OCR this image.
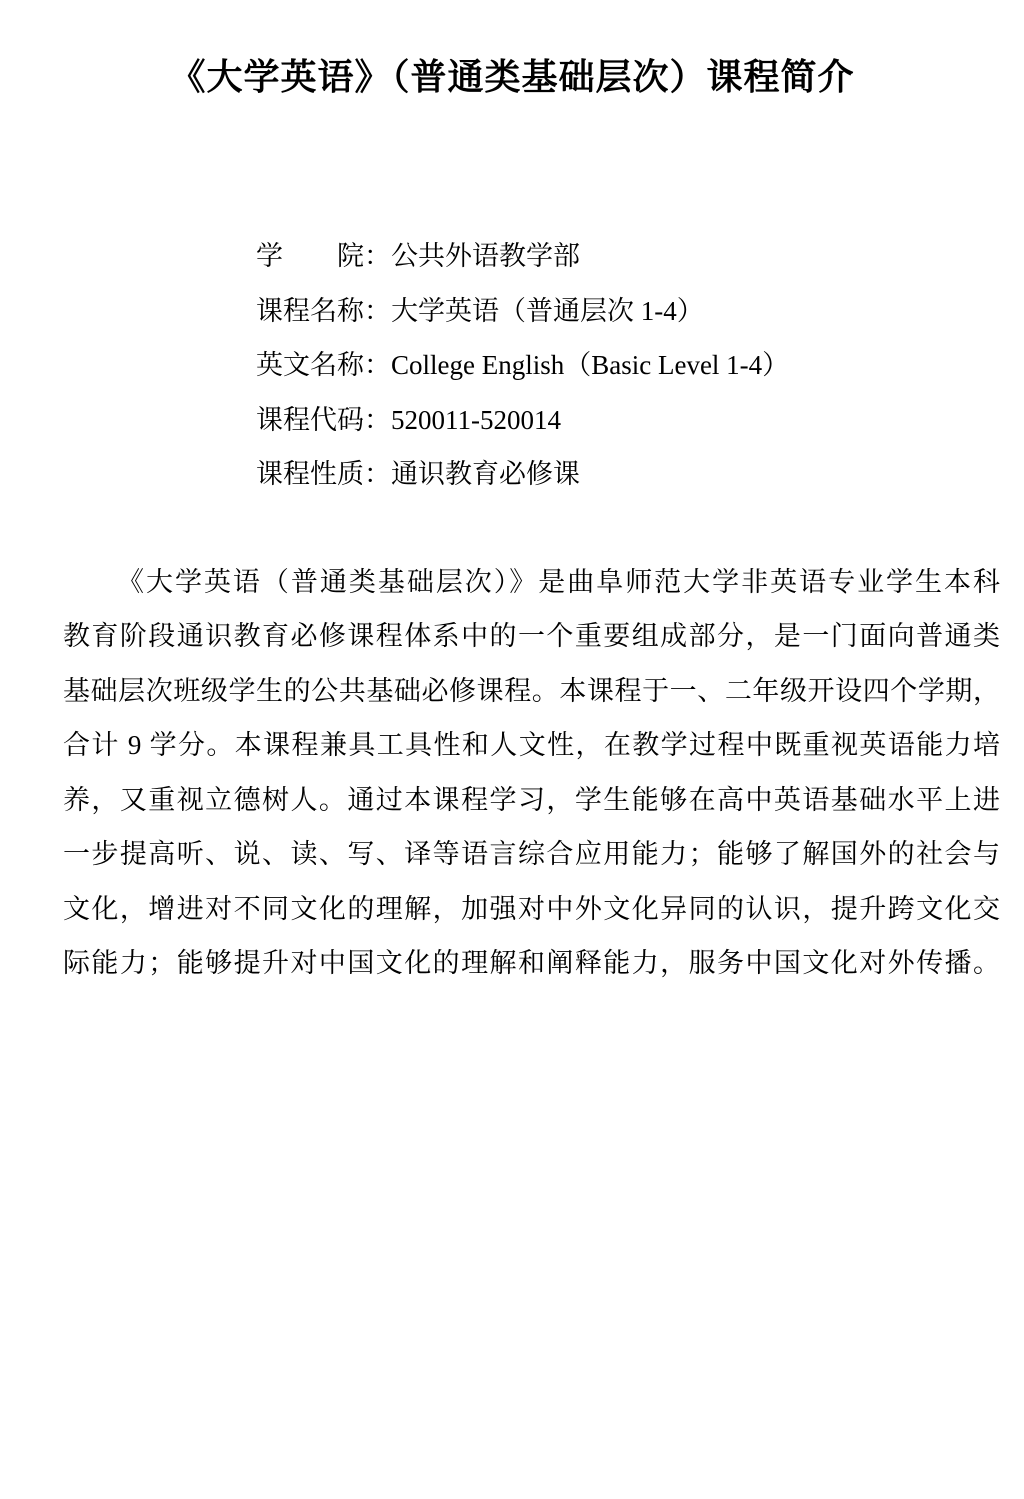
《大学英语》（普通类基础层次）课程简介
学　　院：公共外语教学部
课程名称：大学英语（普通层次 1-4）
英文名称：College English（Basic Level 1-4）
课程代码：520011-520014
课程性质：通识教育必修课
《大学英语（普通类基础层次）》是曲阜师范大学非英语专业学生本科
教育阶段通识教育必修课程体系中的一个重要组成部分，是一门面向普通类
基础层次班级学生的公共基础必修课程。本课程于一、二年级开设四个学期，
合计 9 学分。本课程兼具工具性和人文性，在教学过程中既重视英语能力培
养，又重视立德树人。通过本课程学习，学生能够在高中英语基础水平上进
一步提高听、说、读、写、译等语言综合应用能力；能够了解国外的社会与
文化，增进对不同文化的理解，加强对中外文化异同的认识，提升跨文化交
际能力；能够提升对中国文化的理解和阐释能力，服务中国文化对外传播。
